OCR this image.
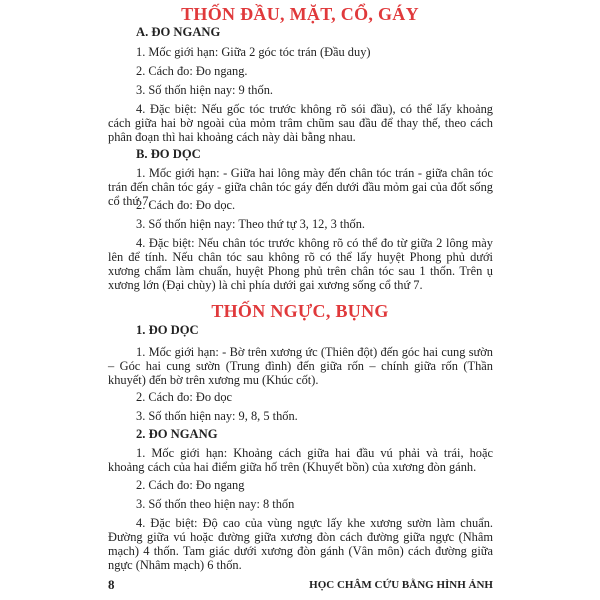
THỐN ĐẦU, MẶT, CỔ, GÁY
A. ĐO NGANG

1. Mốc giới hạn: Giữa 2 góc tóc trán (Đầu duy)

2. Cách đo: Đo ngang.

3. Số thốn hiện nay: 9 thốn.

4. Đặc biệt: Nếu gốc tóc trước không rõ sói đầu), có thể lấy khoảng cách giữa hai bờ ngoài của mỏm trâm chũm sau đầu để thay thế, theo cách phân đoạn thì hai khoảng cách này dài bằng nhau.

B. ĐO DỌC

1. Mốc giới hạn: - Giữa hai lông mày đến chân tóc trán - giữa chân tóc trán đến chân tóc gáy - giữa chân tóc gáy đến dưới đầu mỏm gai của đốt sống cổ thứ 7.

2. Cách đo: Đo dọc.

3. Số thốn hiện nay: Theo thứ tự 3, 12, 3 thốn.

4. Đặc biệt: Nếu chân tóc trước không rõ có thể đo từ giữa 2 lông mày lên để tính. Nếu chân tóc sau không rõ có thể lấy huyệt Phong phủ dưới xương chẩm làm chuẩn, huyệt Phong phủ trên chân tóc sau 1 thốn. Trên ụ xương lớn (Đại chùy) là chỉ phía dưới gai xương sống cổ thứ 7.

THỐN NGỰC, BỤNG
1. ĐO DỌC

1. Mốc giới hạn: - Bờ trên xương ức (Thiên đột) đến góc hai cung sườn – Góc hai cung sườn (Trung đình) đến giữa rốn – chính giữa rốn (Thần khuyết) đến bờ trên xương mu (Khúc cốt).

2. Cách đo: Đo dọc

3. Số thốn hiện nay: 9, 8, 5 thốn.

2. ĐO NGANG

1. Mốc giới hạn: Khoảng cách giữa hai đầu vú phải và trái, hoặc khoảng cách của hai điểm giữa hố trên (Khuyết bồn) của xương đòn gánh.

2. Cách đo: Đo ngang

3. Số thốn theo hiện nay: 8 thốn

4. Đặc biệt: Độ cao của vùng ngực lấy khe xương sườn làm chuẩn. Đường giữa vú hoặc đường giữa xương đòn cách đường giữa ngực (Nhâm mạch) 4 thốn. Tam giác dưới xương đòn gánh (Vân môn) cách đường giữa ngực (Nhâm mạch) 6 thốn.

8	HỌC CHÂM CỨU BẰNG HÌNH ẢNH
